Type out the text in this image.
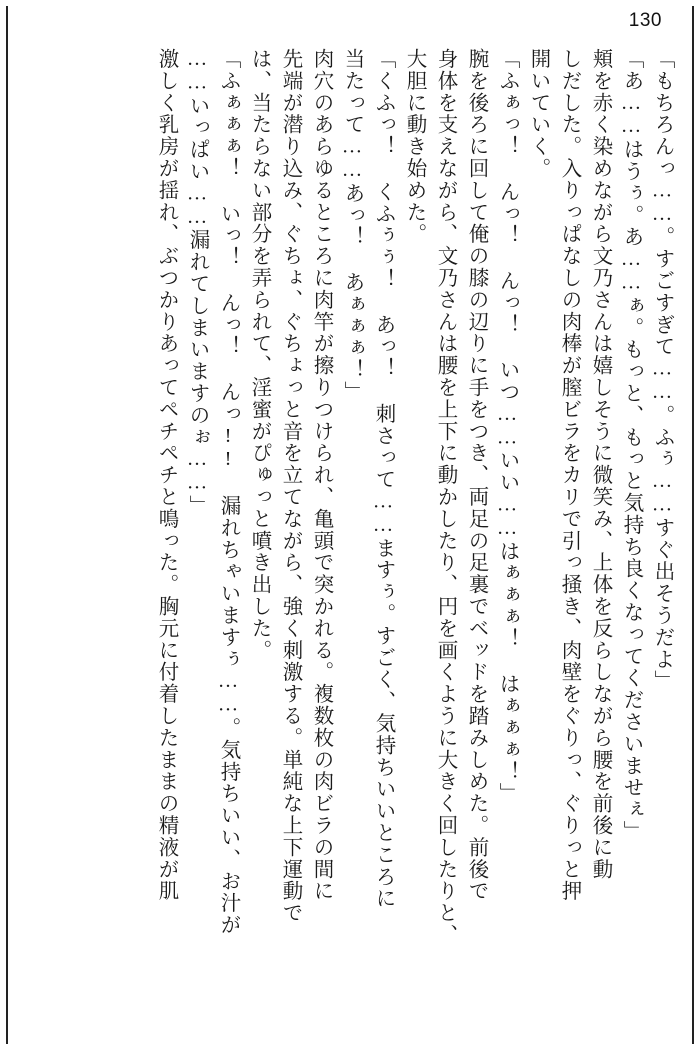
130
「もちろんっ……。すごすぎて……。ふぅ……すぐ出そうだよ」
「あ……はうぅ。あ……ぁ。もっと、もっと気持ち良くなってくださいませぇ」
頬を赤く染めながら文乃さんは嬉しそうに微笑み、上体を反らしながら腰を前後に動
しだした。入りっぱなしの肉棒が膣ビラをカリで引っ掻き、肉壁をぐりっ、ぐりっと押
開いていく。
「ふぁっ！ んっ！ んっ！ いつ……いい……はぁぁぁ！ はぁぁぁ！」
腕を後ろに回して俺の膝の辺りに手をつき、両足の足裏でベッドを踏みしめた。前後で
身体を支えながら、文乃さんは腰を上下に動かしたり、円を画くように大きく回したりと、
大胆に動き始めた。
「くふっ！ くふぅぅ！ あっ！ 刺さって……ますぅ。すごく、気持ちいいところに
当たって……あっ！ あぁぁぁ！」
肉穴のあらゆるところに肉竿が擦りつけられ、亀頭で突かれる。複数枚の肉ビラの間に
先端が潜り込み、ぐちょ、ぐちょっと音を立てながら、強く刺激する。単純な上下運動で
は、当たらない部分を弄られて、淫蜜がぴゅっと噴き出した。
「ふぁぁぁ！ いっ！ んっ！ んっ!! 漏れちゃいますぅ……。気持ちいい、お汁が
……いっぱい……漏れてしまいますのぉ……」
激しく乳房が揺れ、ぶつかりあってペチペチと鳴った。胸元に付着したままの精液が肌
